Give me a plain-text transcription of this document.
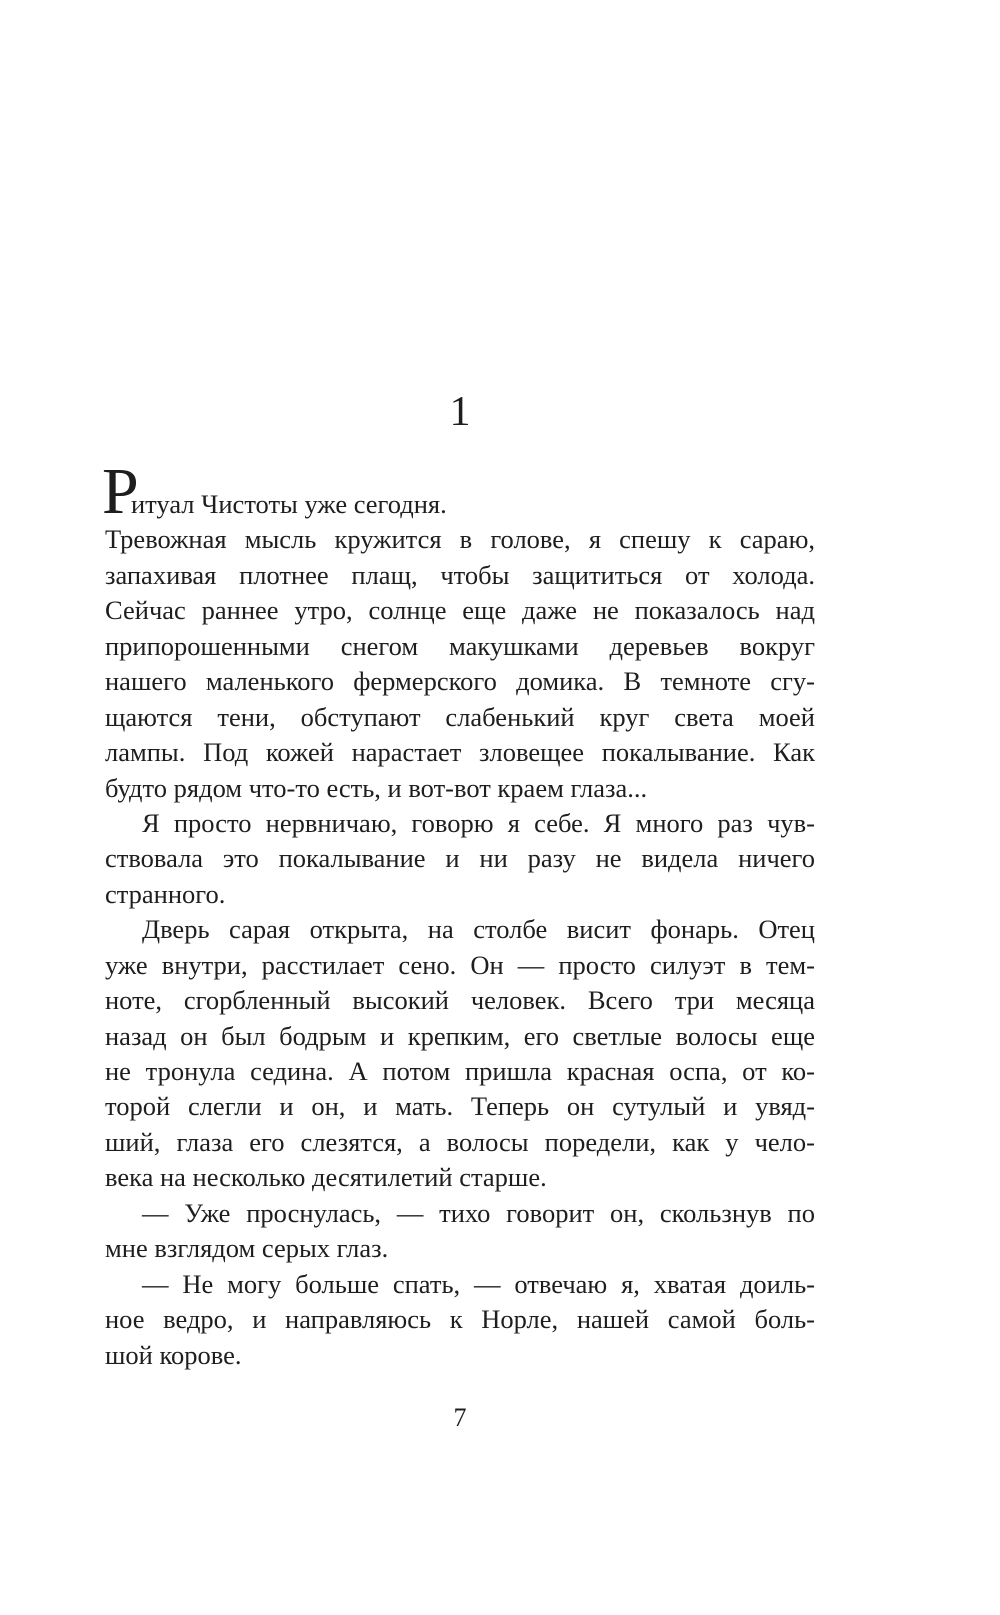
1
Р
итуал Чистоты уже сегодня.
Тревожная мысль кружится в голове, я спешу к сараю,
запахивая плотнее плащ, чтобы защититься от холода.
Сейчас раннее утро, солнце еще даже не показалось над
припорошенными снегом макушками деревьев вокруг
нашего маленького фермерского домика. В темноте сгу-
щаются тени, обступают слабенький круг света моей
лампы. Под кожей нарастает зловещее покалывание. Как
будто рядом что-то есть, и вот-вот краем глаза...
Я просто нервничаю, говорю я себе. Я много раз чув-
ствовала это покалывание и ни разу не видела ничего
странного.
Дверь сарая открыта, на столбе висит фонарь. Отец
уже внутри, расстилает сено. Он — просто силуэт в тем-
ноте, сгорбленный высокий человек. Всего три месяца
назад он был бодрым и крепким, его светлые волосы еще
не тронула седина. А потом пришла красная оспа, от ко-
торой слегли и он, и мать. Теперь он сутулый и увяд-
ший, глаза его слезятся, а волосы поредели, как у чело-
века на несколько десятилетий старше.
— Уже проснулась, — тихо говорит он, скользнув по
мне взглядом серых глаз.
— Не могу больше спать, — отвечаю я, хватая доиль-
ное ведро, и направляюсь к Норле, нашей самой боль-
шой корове.
7
